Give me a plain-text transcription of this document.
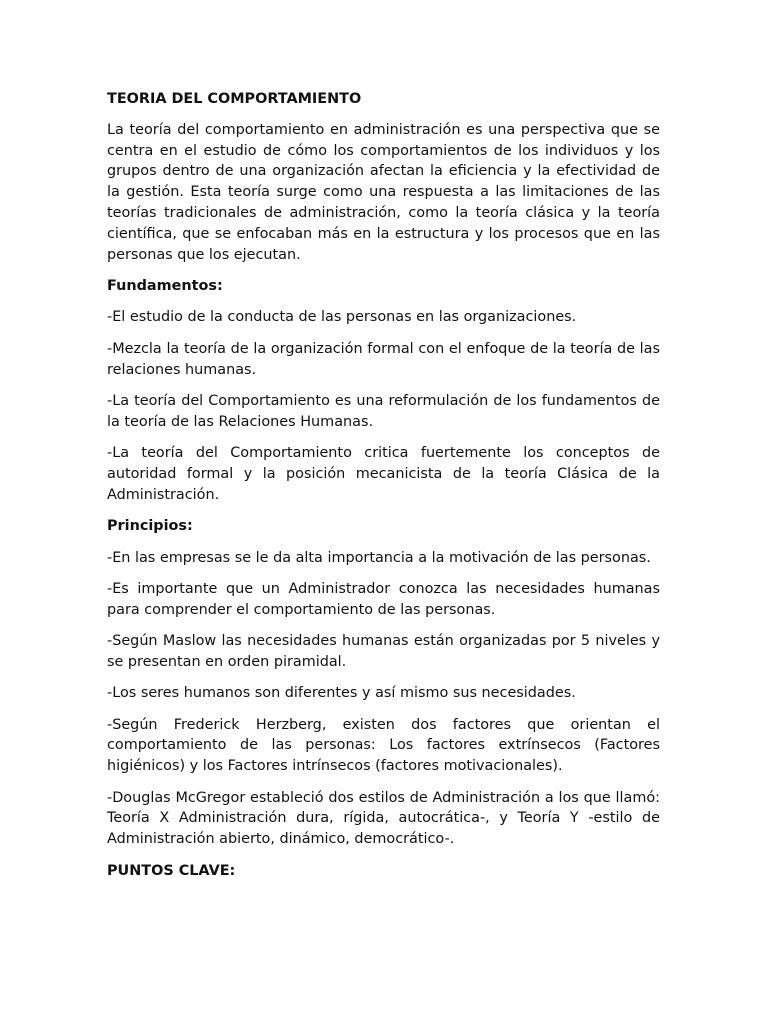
TEORIA DEL COMPORTAMIENTO

La teoría del comportamiento en administración es una perspectiva que se centra en el estudio de cómo los comportamientos de los individuos y los grupos dentro de una organización afectan la eficiencia y la efectividad de la gestión. Esta teoría surge como una respuesta a las limitaciones de las teorías tradicionales de administración, como la teoría clásica y la teoría científica, que se enfocaban más en la estructura y los procesos que en las personas que los ejecutan.

Fundamentos:

-El estudio de la conducta de las personas en las organizaciones.

-Mezcla la teoría de la organización formal con el enfoque de la teoría de las relaciones humanas.

-La teoría del Comportamiento es una reformulación de los fundamentos de la teoría de las Relaciones Humanas.

-La teoría del Comportamiento critica fuertemente los conceptos de autoridad formal y la posición mecanicista de la teoría Clásica de la Administración.

Principios:

-En las empresas se le da alta importancia a la motivación de las personas.

-Es importante que un Administrador conozca las necesidades humanas para comprender el comportamiento de las personas.

-Según Maslow las necesidades humanas están organizadas por 5 niveles y se presentan en orden piramidal.

-Los seres humanos son diferentes y así mismo sus necesidades.

-Según Frederick Herzberg, existen dos factores que orientan el comportamiento de las personas: Los factores extrínsecos (Factores higiénicos) y los Factores intrínsecos (factores motivacionales).

-Douglas McGregor estableció dos estilos de Administración a los que llamó: Teoría X Administración dura, rígida, autocrática-, y Teoría Y -estilo de Administración abierto, dinámico, democrático-.

PUNTOS CLAVE:
